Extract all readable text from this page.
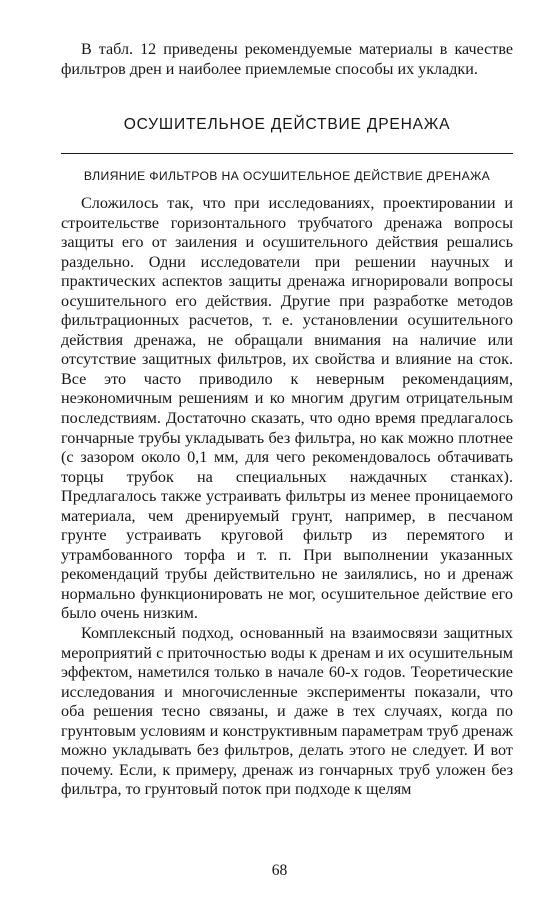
В табл. 12 приведены рекомендуемые материалы в качестве фильтров дрен и наиболее приемлемые способы их укладки.

ОСУШИТЕЛЬНОЕ ДЕЙСТВИЕ ДРЕНАЖА
ВЛИЯНИЕ ФИЛЬТРОВ НА ОСУШИТЕЛЬНОЕ ДЕЙСТВИЕ ДРЕНАЖА

Сложилось так, что при исследованиях, проектировании и строительстве горизонтального трубчатого дренажа вопросы защиты его от заиления и осушительного действия решались раздельно. Одни исследователи при решении научных и практических аспектов защиты дренажа игнорировали вопросы осушительного его действия. Другие при разработке методов фильтрационных расчетов, т. е. установлении осушительного действия дренажа, не обращали внимания на наличие или отсутствие защитных фильтров, их свойства и влияние на сток. Все это часто приводило к неверным рекомендациям, неэкономичным решениям и ко многим другим отрицательным последствиям. Достаточно сказать, что одно время предлагалось гончарные трубы укладывать без фильтра, но как можно плотнее (с зазором около 0,1 мм, для чего рекомендовалось обтачивать торцы трубок на специальных наждачных станках). Предлагалось также устраивать фильтры из менее проницаемого материала, чем дренируемый грунт, например, в песчаном грунте устраивать круговой фильтр из перемятого и утрамбованного торфа и т. п. При выполнении указанных рекомендаций трубы действительно не заилялись, но и дренаж нормально функционировать не мог, осушительное действие его было очень низким.

Комплексный подход, основанный на взаимосвязи защитных мероприятий с приточностью воды к дренам и их осушительным эффектом, наметился только в начале 60-х годов. Теоретические исследования и многочисленные эксперименты показали, что оба решения тесно связаны, и даже в тех случаях, когда по грунтовым условиям и конструктивным параметрам труб дренаж можно укладывать без фильтров, делать этого не следует. И вот почему. Если, к примеру, дренаж из гончарных труб уложен без фильтра, то грунтовый поток при подходе к щелям

68
